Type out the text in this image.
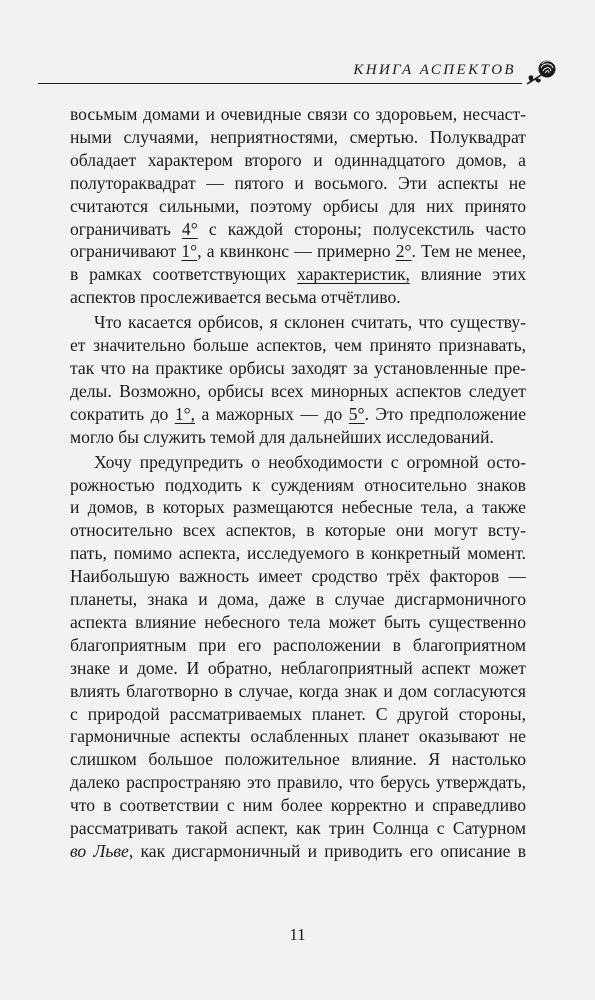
КНИГА АСПЕКТОВ

восьмым домами и очевидные связи со здоровьем, несчаст-
ными случаями, неприятностями, смертью. Полуквадрат
обладает характером второго и одиннадцатого домов, а
полутораквадрат — пятого и восьмого. Эти аспекты не
считаются сильными, поэтому орбисы для них принято
ограничивать 4° с каждой стороны; полусекстиль часто
ограничивают 1°, а квинконс — примерно 2°. Тем не менее,
в рамках соответствующих характеристик, влияние этих
аспектов прослеживается весьма отчётливо.

Что касается орбисов, я склонен считать, что существу-
ет значительно больше аспектов, чем принято признавать,
так что на практике орбисы заходят за установленные пре-
делы. Возможно, орбисы всех минорных аспектов следует
сократить до 1°, а мажорных — до 5°. Это предположение
могло бы служить темой для дальнейших исследований.

Хочу предупредить о необходимости с огромной осто-
рожностью подходить к суждениям относительно знаков
и домов, в которых размещаются небесные тела, а также
относительно всех аспектов, в которые они могут всту-
пать, помимо аспекта, исследуемого в конкретный момент.
Наибольшую важность имеет сродство трёх факторов —
планеты, знака и дома, даже в случае дисгармоничного
аспекта влияние небесного тела может быть существенно
благоприятным при его расположении в благоприятном
знаке и доме. И обратно, неблагоприятный аспект может
влиять благотворно в случае, когда знак и дом согласуются
с природой рассматриваемых планет. С другой стороны,
гармоничные аспекты ослабленных планет оказывают не
слишком большое положительное влияние. Я настолько
далеко распространяю это правило, что берусь утверждать,
что в соответствии с ним более корректно и справедливо
рассматривать такой аспект, как трин Солнца с Сатурном
во Льве, как дисгармоничный и приводить его описание в

11
